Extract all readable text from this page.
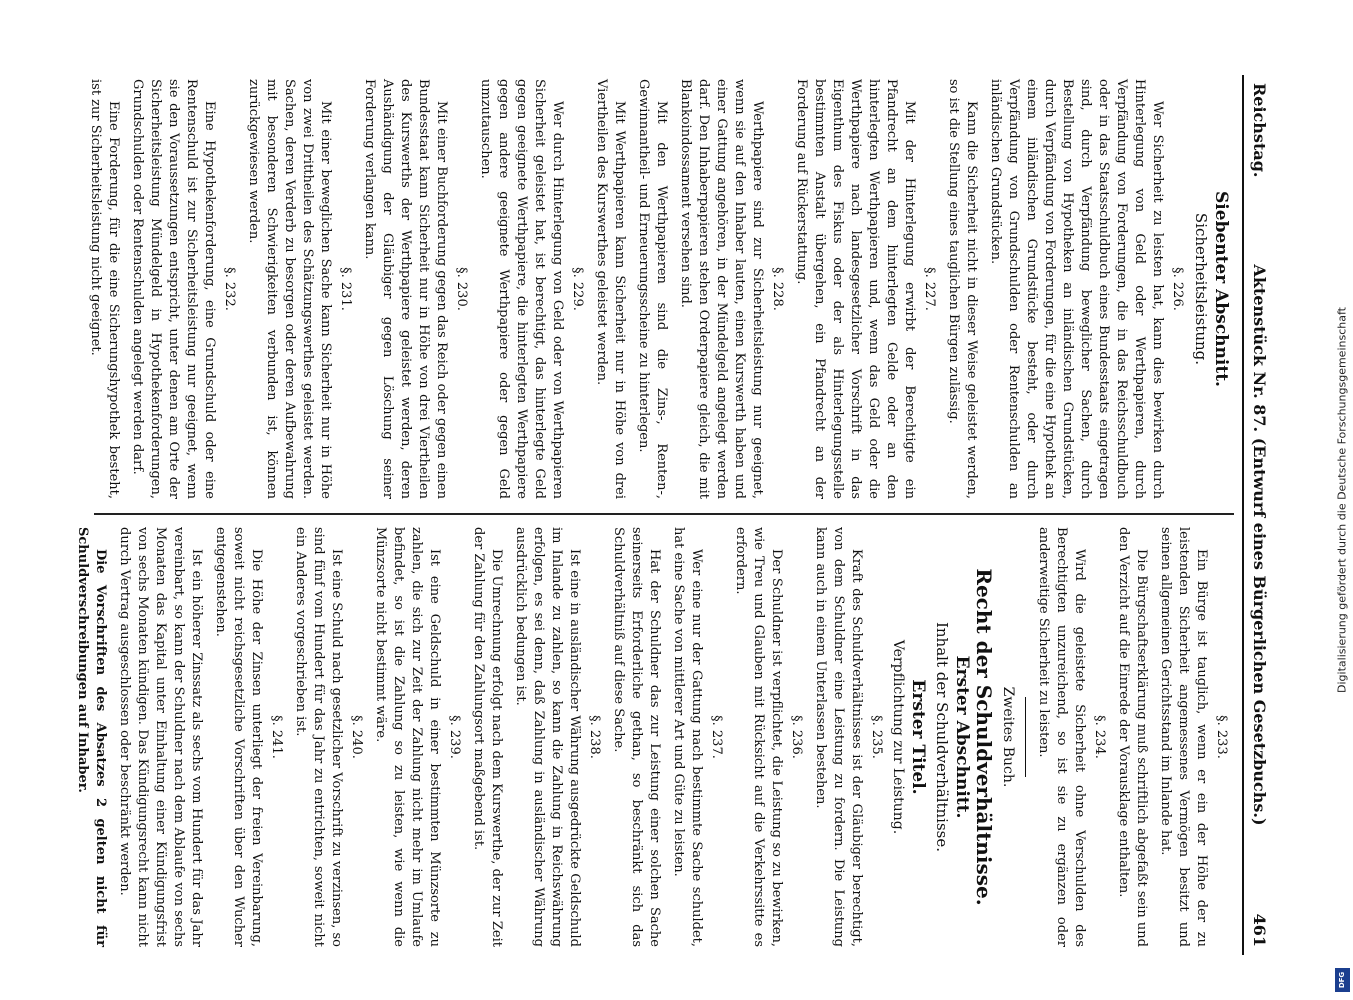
Reichstag.
Aktenstück Nr. 87. (Entwurf eines Bürgerlichen Gesetzbuchs.)
461
Siebenter Abschnitt.
Sicherheitsleistung.
§. 226.

Wer Sicherheit zu leisten hat, kann dies bewirken durch Hinterlegung von Geld oder Werthpapieren, durch Verpfändung von Forderungen, die in das Reichsschuldbuch oder in das Staatsschuldbuch eines Bundesstaats eingetragen sind, durch Verpfändung beweglicher Sachen, durch Bestellung von Hypotheken an inländischen Grundstücken, durch Verpfändung von Forderungen, für die eine Hypothek an einem inländischen Grundstücke besteht, oder durch Verpfändung von Grundschulden oder Rentenschulden an inländischen Grundstücken.

Kann die Sicherheit nicht in dieser Weise geleistet werden, so ist die Stellung eines tauglichen Bürgen zulässig.

§. 227.

Mit der Hinterlegung erwirbt der Berechtigte ein Pfandrecht an dem hinterlegten Gelde oder an den hinterlegten Werthpapieren und, wenn das Geld oder die Werthpapiere nach landesgesetzlicher Vorschrift in das Eigenthum des Fiskus oder der als Hinterlegungsstelle bestimmten Anstalt übergehen, ein Pfandrecht an der Forderung auf Rückerstattung.

§. 228.

Werthpapiere sind zur Sicherheitsleistung nur geeignet, wenn sie auf den Inhaber lauten, einen Kurswerth haben und einer Gattung angehören, in der Mündelgeld angelegt werden darf. Den Inhaberpapieren stehen Orderpapiere gleich, die mit Blankoindossament versehen sind.

Mit den Werthpapieren sind die Zins-, Renten-, Gewinnantheil- und Erneuerungsscheine zu hinterlegen.

Mit Werthpapieren kann Sicherheit nur in Höhe von drei Viertheilen des Kurswerthes geleistet werden.

§. 229.

Wer durch Hinterlegung von Geld oder von Werthpapieren Sicherheit geleistet hat, ist berechtigt, das hinterlegte Geld gegen geeignete Werthpapiere, die hinterlegten Werthpapiere gegen andere geeignete Werthpapiere oder gegen Geld umzutauschen.

§. 230.

Mit einer Buchforderung gegen das Reich oder gegen einen Bundesstaat kann Sicherheit nur in Höhe von drei Viertheilen des Kurswerths der Werthpapiere geleistet werden, deren Aushändigung der Gläubiger gegen Löschung seiner Forderung verlangen kann.

§. 231.

Mit einer beweglichen Sache kann Sicherheit nur in Höhe von zwei Drittheilen des Schätzungswerthes geleistet werden. Sachen, deren Verderb zu besorgen oder deren Aufbewahrung mit besonderen Schwierigkeiten verbunden ist, können zurückgewiesen werden.

§. 232.

Eine Hypothekenforderung, eine Grundschuld oder eine Rentenschuld ist zur Sicherheitsleistung nur geeignet, wenn sie den Voraussetzungen entspricht, unter denen am Orte der Sicherheitsleistung Mündelgeld in Hypothekenforderungen, Grundschulden oder Rentenschulden angelegt werden darf.

Eine Forderung, für die eine Sicherungshypothek besteht, ist zur Sicherheitsleistung nicht geeignet.

§. 233.

Ein Bürge ist tauglich, wenn er ein der Höhe der zu leistenden Sicherheit angemessenes Vermögen besitzt und seinen allgemeinen Gerichtsstand im Inlande hat.

Die Bürgschaftserklärung muß schriftlich abgefaßt sein und den Verzicht auf die Einrede der Vorausklage enthalten.

§. 234.

Wird die geleistete Sicherheit ohne Verschulden des Berechtigten unzureichend, so ist sie zu ergänzen oder anderweitige Sicherheit zu leisten.

Zweites Buch.
Recht der Schuldverhältnisse.
Erster Abschnitt.
Inhalt der Schuldverhältnisse.
Erster Titel.
Verpflichtung zur Leistung.
§. 235.

Kraft des Schuldverhältnisses ist der Gläubiger berechtigt, von dem Schuldner eine Leistung zu fordern. Die Leistung kann auch in einem Unterlassen bestehen.

§. 236.

Der Schuldner ist verpflichtet, die Leistung so zu bewirken, wie Treu und Glauben mit Rücksicht auf die Verkehrssitte es erfordern.

§. 237.

Wer eine nur der Gattung nach bestimmte Sache schuldet, hat eine Sache von mittlerer Art und Güte zu leisten.

Hat der Schuldner das zur Leistung einer solchen Sache seinerseits Erforderliche gethan, so beschränkt sich das Schuldverhältniß auf diese Sache.

§. 238.

Ist eine in ausländischer Währung ausgedrückte Geldschuld im Inlande zu zahlen, so kann die Zahlung in Reichswährung erfolgen, es sei denn, daß Zahlung in ausländischer Währung ausdrücklich bedungen ist.

Die Umrechnung erfolgt nach dem Kurswerthe, der zur Zeit der Zahlung für den Zahlungsort maßgebend ist.

§. 239.

Ist eine Geldschuld in einer bestimmten Münzsorte zu zahlen, die sich zur Zeit der Zahlung nicht mehr im Umlaufe befindet, so ist die Zahlung so zu leisten, wie wenn die Münzsorte nicht bestimmt wäre.

§. 240.

Ist eine Schuld nach gesetzlicher Vorschrift zu verzinsen, so sind fünf vom Hundert für das Jahr zu entrichten, soweit nicht ein Anderes vorgeschrieben ist.

§. 241.

Die Höhe der Zinsen unterliegt der freien Vereinbarung, soweit nicht reichsgesetzliche Vorschriften über den Wucher entgegenstehen.

Ist ein höherer Zinssatz als sechs vom Hundert für das Jahr vereinbart, so kann der Schuldner nach dem Ablaufe von sechs Monaten das Kapital unter Einhaltung einer Kündigungsfrist von sechs Monaten kündigen. Das Kündigungsrecht kann nicht durch Vertrag ausgeschlossen oder beschränkt werden.

Die Vorschriften des Absatzes 2 gelten nicht für Schuldverschreibungen auf Inhaber.	Digitalisierung gefördert durch die Deutsche Forschungsgemeinschaft
DFG
